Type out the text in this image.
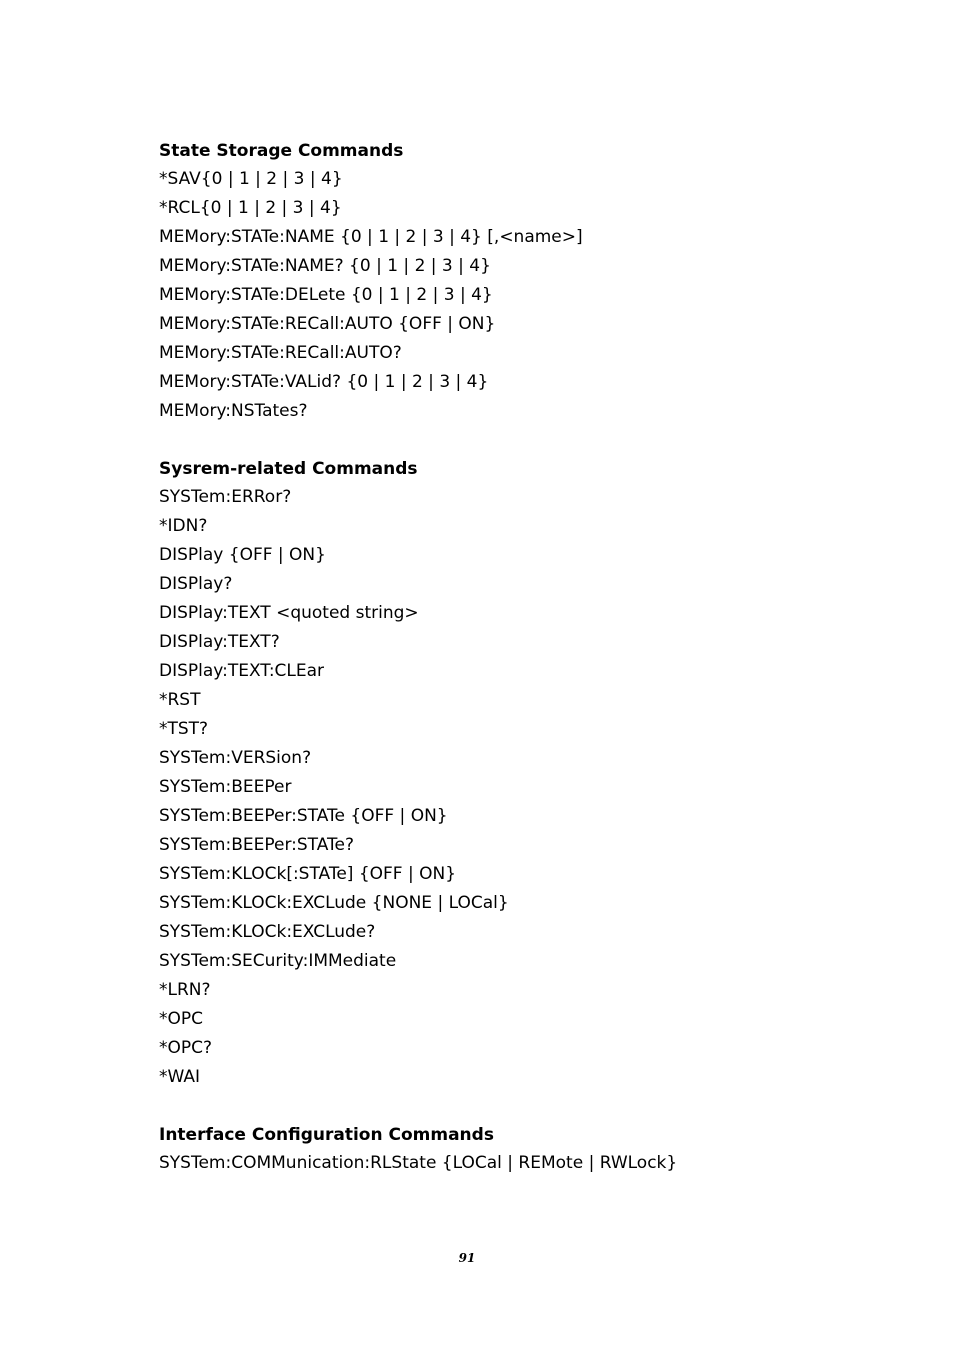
State Storage Commands
*SAV{0 | 1 | 2 | 3 | 4}
*RCL{0 | 1 | 2 | 3 | 4}
MEMory:STATe:NAME {0 | 1 | 2 | 3 | 4} [,<name>]
MEMory:STATe:NAME? {0 | 1 | 2 | 3 | 4}
MEMory:STATe:DELete {0 | 1 | 2 | 3 | 4}
MEMory:STATe:RECall:AUTO {OFF | ON}
MEMory:STATe:RECall:AUTO?
MEMory:STATe:VALid? {0 | 1 | 2 | 3 | 4}
MEMory:NSTates?
Sysrem-related Commands
SYSTem:ERRor?
*IDN?
DISPlay {OFF | ON}
DISPlay?
DISPlay:TEXT <quoted string>
DISPlay:TEXT?
DISPlay:TEXT:CLEar
*RST
*TST?
SYSTem:VERSion?
SYSTem:BEEPer
SYSTem:BEEPer:STATe {OFF | ON}
SYSTem:BEEPer:STATe?
SYSTem:KLOCk[:STATe] {OFF | ON}
SYSTem:KLOCk:EXCLude {NONE | LOCal}
SYSTem:KLOCk:EXCLude?
SYSTem:SECurity:IMMediate
*LRN?
*OPC
*OPC?
*WAI
Interface Configuration Commands
SYSTem:COMMunication:RLState {LOCal | REMote | RWLock}
91
